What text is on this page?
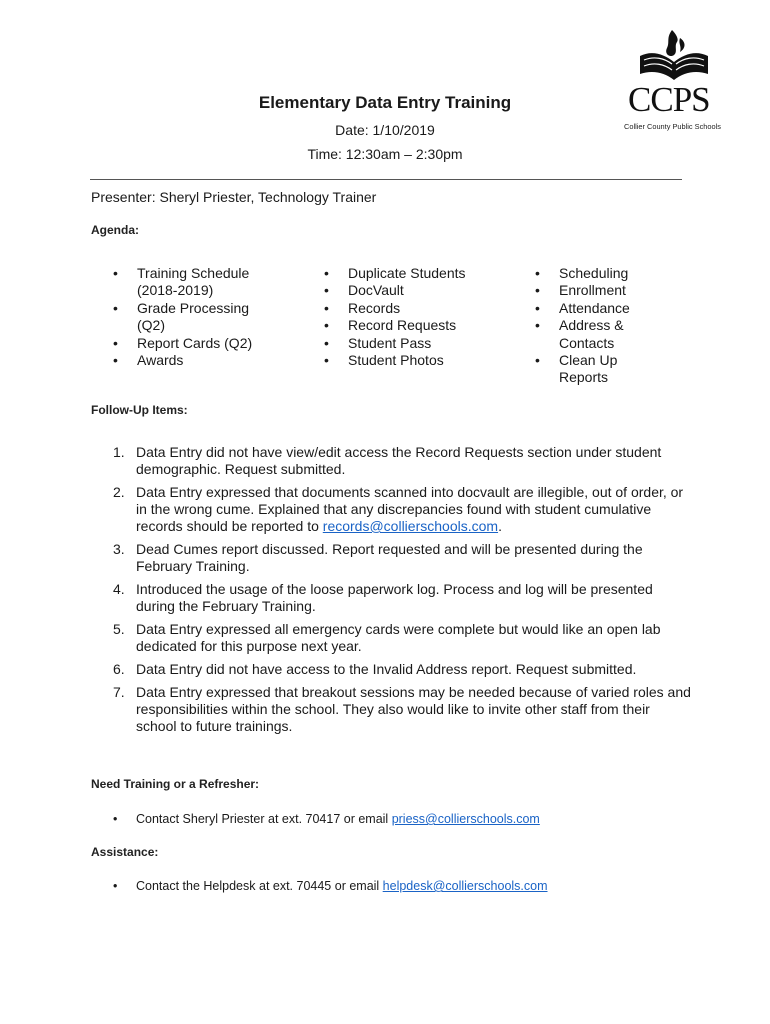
CCPS
Collier County Public Schools
Elementary Data Entry Training
Date: 1/10/2019
Time: 12:30am – 2:30pm
Presenter: Sheryl Priester, Technology Trainer
Agenda:
• Training Schedule (2018-2019)
• Grade Processing (Q2)
• Report Cards (Q2)
• Awards
• Duplicate Students
• DocVault
• Records
• Record Requests
• Student Pass
• Student Photos
• Scheduling
• Enrollment
• Attendance
• Address & Contacts
• Clean Up Reports
Follow-Up Items:
1. Data Entry did not have view/edit access the Record Requests section under student demographic. Request submitted.
2. Data Entry expressed that documents scanned into docvault are illegible, out of order, or in the wrong cume. Explained that any discrepancies found with student cumulative records should be reported to records@collierschools.com.
3. Dead Cumes report discussed. Report requested and will be presented during the February Training.
4. Introduced the usage of the loose paperwork log. Process and log will be presented during the February Training.
5. Data Entry expressed all emergency cards were complete but would like an open lab dedicated for this purpose next year.
6. Data Entry did not have access to the Invalid Address report. Request submitted.
7. Data Entry expressed that breakout sessions may be needed because of varied roles and responsibilities within the school. They also would like to invite other staff from their school to future trainings.
Need Training or a Refresher:
• Contact Sheryl Priester at ext. 70417 or email priess@collierschools.com
Assistance:
• Contact the Helpdesk at ext. 70445 or email helpdesk@collierschools.com
